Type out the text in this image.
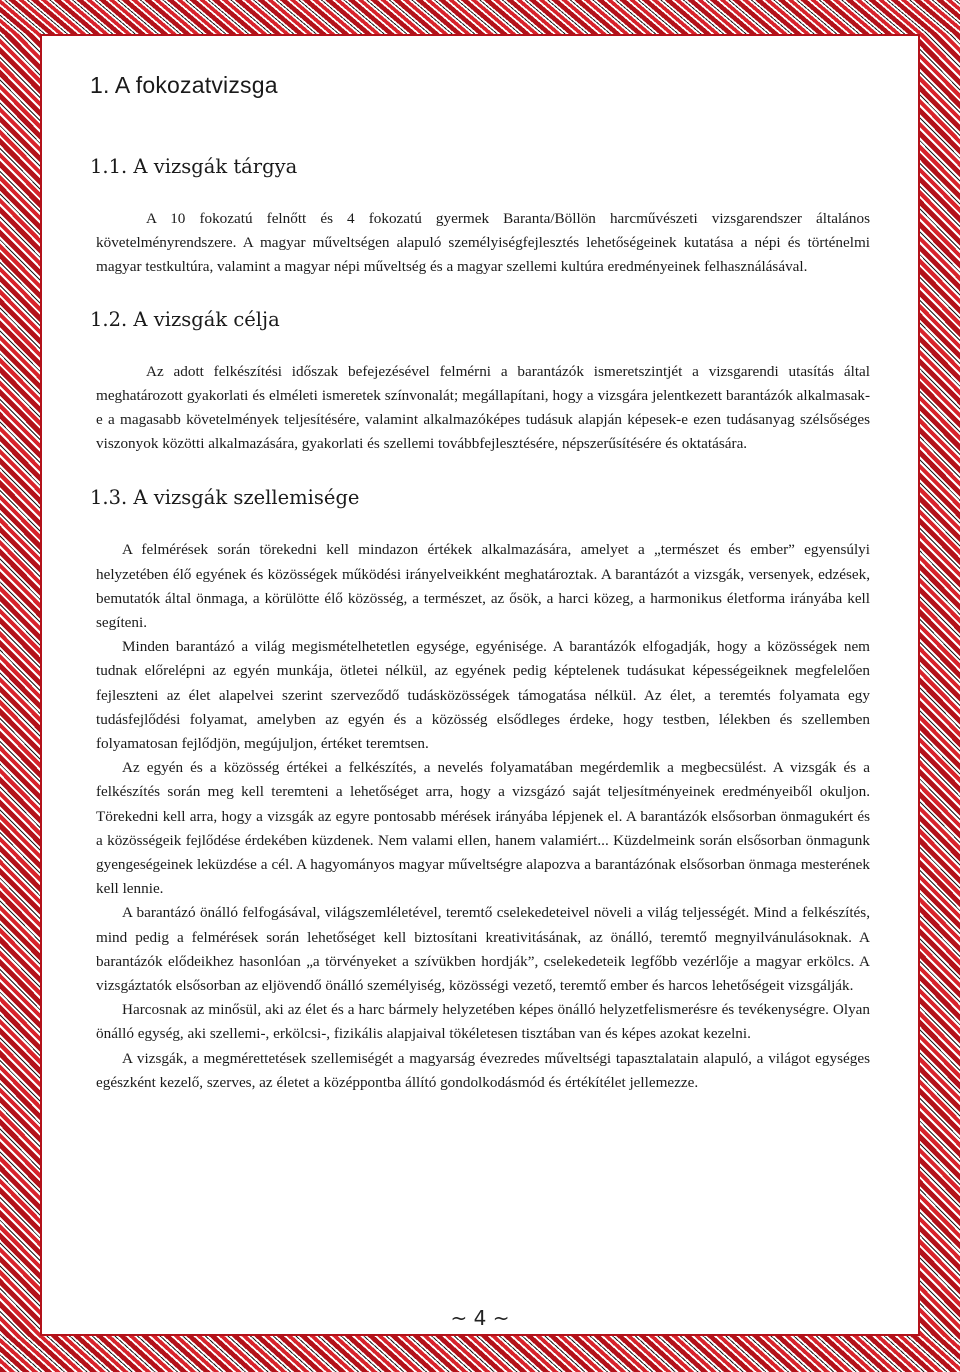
1. A fokozatvizsga
1.1. A vizsgák tárgya

A 10 fokozatú felnőtt és 4 fokozatú gyermek Baranta/Böllön harcművészeti vizsgarendszer általános követelményrendszere. A magyar műveltségen alapuló személyiségfejlesztés lehetőségeinek kutatása a népi és történelmi magyar testkultúra, valamint a magyar népi műveltség és a magyar szellemi kultúra eredményeinek felhasználásával.

1.2. A vizsgák célja

Az adott felkészítési időszak befejezésével felmérni a barantázók ismeretszintjét a vizsgarendi utasítás által meghatározott gyakorlati és elméleti ismeretek színvonalát; megállapítani, hogy a vizsgára jelentkezett barantázók alkalmasak-e a magasabb követelmények teljesítésére, valamint alkalmazóképes tudásuk alapján képesek-e ezen tudásanyag szélsőséges viszonyok közötti alkalmazására, gyakorlati és szellemi továbbfejlesztésére, népszerűsítésére és oktatására.

1.3. A vizsgák szellemisége

A felmérések során törekedni kell mindazon értékek alkalmazására, amelyet a „természet és ember” egyensúlyi helyzetében élő egyének és közösségek működési irányelveikként meghatároztak. A barantázót a vizsgák, versenyek, edzések, bemutatók által önmaga, a körülötte élő közösség, a természet, az ősök, a harci közeg, a harmonikus életforma irányába kell segíteni.

Minden barantázó a világ megismételhetetlen egysége, egyénisége. A barantázók elfogadják, hogy a közösségek nem tudnak előrelépni az egyén munkája, ötletei nélkül, az egyének pedig képtelenek tudásukat képességeiknek megfelelően fejleszteni az élet alapelvei szerint szerveződő tudásközösségek támogatása nélkül. Az élet, a teremtés folyamata egy tudásfejlődési folyamat, amelyben az egyén és a közösség elsődleges érdeke, hogy testben, lélekben és szellemben folyamatosan fejlődjön, megújuljon, értéket teremtsen.

Az egyén és a közösség értékei a felkészítés, a nevelés folyamatában megérdemlik a megbecsülést. A vizsgák és a felkészítés során meg kell teremteni a lehetőséget arra, hogy a vizsgázó saját teljesítményeinek eredményeiből okuljon. Törekedni kell arra, hogy a vizsgák az egyre pontosabb mérések irányába lépjenek el. A barantázók elsősorban önmagukért és a közösségeik fejlődése érdekében küzdenek. Nem valami ellen, hanem valamiért... Küzdelmeink során elsősorban önmagunk gyengeségeinek leküzdése a cél. A hagyományos magyar műveltségre alapozva a barantázónak elsősorban önmaga mesterének kell lennie.

A barantázó önálló felfogásával, világszemléletével, teremtő cselekedeteivel növeli a világ teljességét. Mind a felkészítés, mind pedig a felmérések során lehetőséget kell biztosítani kreativitásának, az önálló, teremtő megnyilvánulásoknak. A barantázók elődeikhez hasonlóan „a törvényeket a szívükben hordják”, cselekedeteik legfőbb vezérlője a magyar erkölcs. A vizsgáztatók elsősorban az eljövendő önálló személyiség, közösségi vezető, teremtő ember és harcos lehetőségeit vizsgálják.

Harcosnak az minősül, aki az élet és a harc bármely helyzetében képes önálló helyzetfelismerésre és tevékenységre. Olyan önálló egység, aki szellemi-, erkölcsi-, fizikális alapjaival tökéletesen tisztában van és képes azokat kezelni.

A vizsgák, a megmérettetések szellemiségét a magyarság évezredes műveltségi tapasztalatain alapuló, a világot egységes egészként kezelő, szerves, az életet a középpontba állító gondolkodásmód és értékítélet jellemezze.

~ 4 ~
